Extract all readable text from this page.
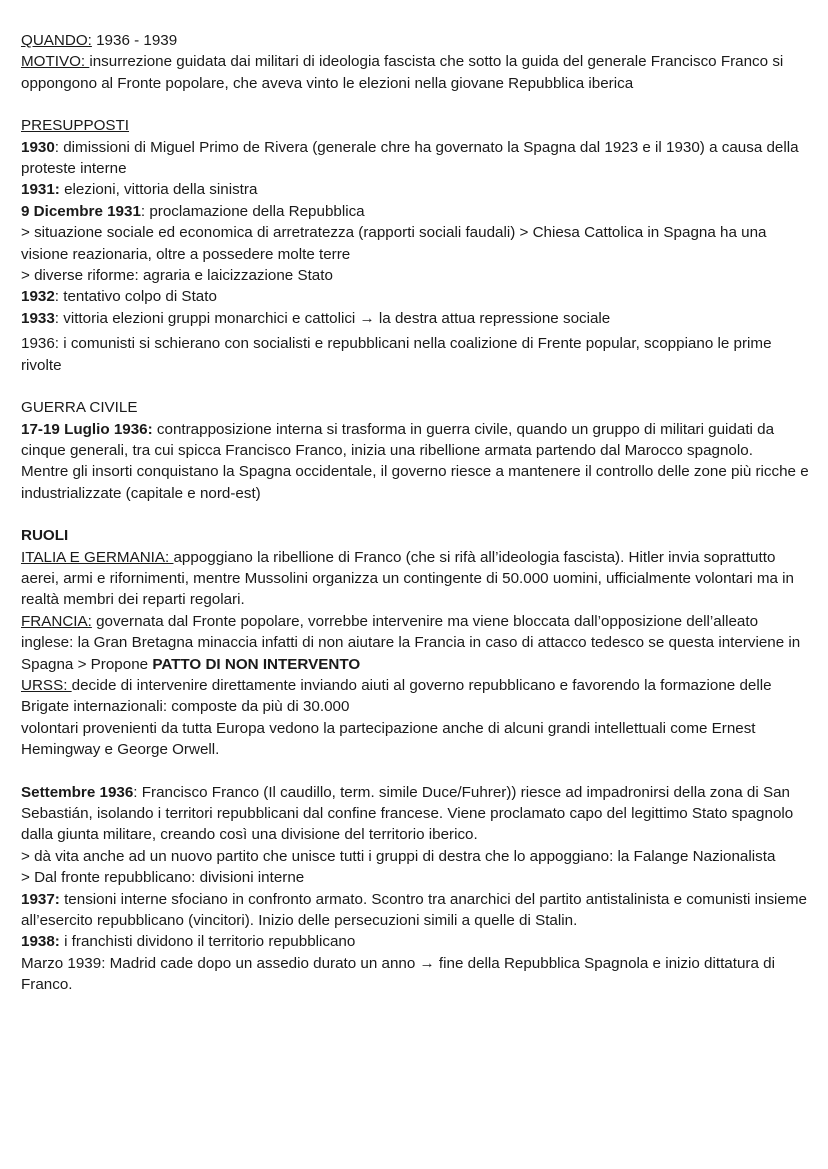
QUANDO: 1936 - 1939

MOTIVO: insurrezione guidata dai militari di ideologia fascista che sotto la guida del generale Francisco Franco si oppongono al Fronte popolare, che aveva vinto le elezioni nella giovane Repubblica iberica

PRESUPPOSTI

1930: dimissioni di Miguel Primo de Rivera (generale chre ha governato la Spagna dal 1923 e il 1930) a causa della proteste interne

1931: elezioni, vittoria della sinistra

9 Dicembre 1931: proclamazione della Repubblica

> situazione sociale ed economica di arretratezza (rapporti sociali faudali) > Chiesa Cattolica in Spagna ha una visione reazionaria, oltre a possedere molte terre

> diverse riforme: agraria e laicizzazione Stato

1932: tentativo colpo di Stato

1933: vittoria elezioni gruppi monarchici e cattolici → la destra attua repressione sociale

1936: i comunisti si schierano con socialisti e repubblicani nella coalizione di Frente popular, scoppiano le prime rivolte

GUERRA CIVILE

17-19 Luglio 1936: contrapposizione interna si trasforma in guerra civile, quando un gruppo di militari guidati da cinque generali, tra cui spicca Francisco Franco, inizia una ribellione armata partendo dal Marocco spagnolo.

Mentre gli insorti conquistano la Spagna occidentale, il governo riesce a mantenere il controllo delle zone più ricche e industrializzate (capitale e nord-est)

RUOLI

ITALIA E GERMANIA: appoggiano la ribellione di Franco (che si rifà all’ideologia fascista). Hitler invia soprattutto aerei, armi e rifornimenti, mentre Mussolini organizza un contingente di 50.000 uomini, ufficialmente volontari ma in realtà membri dei reparti regolari.

FRANCIA: governata dal Fronte popolare, vorrebbe intervenire ma viene bloccata dall’opposizione dell’alleato inglese: la Gran Bretagna minaccia infatti di non aiutare la Francia in caso di attacco tedesco se questa interviene in Spagna > Propone PATTO DI NON INTERVENTO

URSS: decide di intervenire direttamente inviando aiuti al governo repubblicano e favorendo la formazione delle Brigate internazionali: composte da più di 30.000

volontari provenienti da tutta Europa vedono la partecipazione anche di alcuni grandi intellettuali come Ernest Hemingway e George Orwell.

Settembre 1936: Francisco Franco (Il caudillo, term. simile Duce/Fuhrer)) riesce ad impadronirsi della zona di San Sebastián, isolando i territori repubblicani dal confine francese. Viene proclamato capo del legittimo Stato spagnolo dalla giunta militare, creando così una divisione del territorio iberico.

> dà vita anche ad un nuovo partito che unisce tutti i gruppi di destra che lo appoggiano: la Falange Nazionalista

> Dal fronte repubblicano: divisioni interne

1937: tensioni interne sfociano in confronto armato. Scontro tra anarchici del partito antistalinista e comunisti insieme all’esercito repubblicano (vincitori). Inizio delle persecuzioni simili a quelle di Stalin.

1938: i franchisti dividono il territorio repubblicano

Marzo 1939: Madrid cade dopo un assedio durato un anno → fine della Repubblica Spagnola e inizio dittatura di Franco.
